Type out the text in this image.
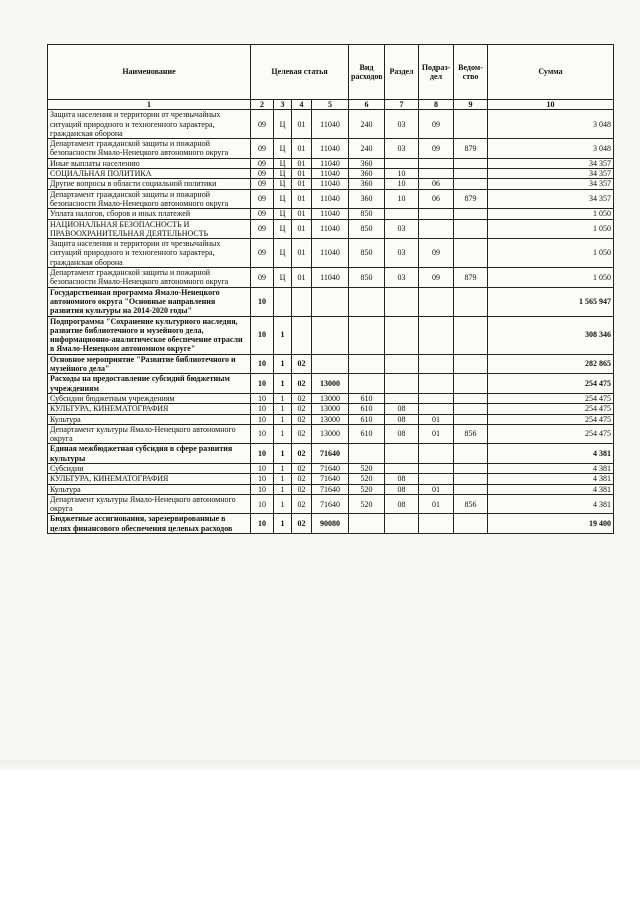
Наименование	Целевая статья				Вид расходов	Раздел	Подраз-дел	Ведом-ство	Сумма
1	2	3	4	5	6	7	8	9	10
Защита населения и территории от чрезвычайных ситуаций природного и техногенного характера, гражданская оборона	09	Ц	01	11040	240	03	09		3 048
Департамент гражданской защиты и пожарной безопасности Ямало-Ненецкого автономного округа	09	Ц	01	11040	240	03	09	879	3 048
Иные выплаты населению	09	Ц	01	11040	360				34 357
СОЦИАЛЬНАЯ ПОЛИТИКА	09	Ц	01	11040	360	10			34 357
Другие вопросы в области социальной политики	09	Ц	01	11040	360	10	06		34 357
Департамент гражданской защиты и пожарной безопасности Ямало-Ненецкого автономного округа	09	Ц	01	11040	360	10	06	879	34 357
Уплата налогов, сборов и иных платежей	09	Ц	01	11040	850				1 050
НАЦИОНАЛЬНАЯ БЕЗОПАСНОСТЬ И ПРАВООХРАНИТЕЛЬНАЯ ДЕЯТЕЛЬНОСТЬ	09	Ц	01	11040	850	03			1 050
Защита населения и территории от чрезвычайных ситуаций природного и техногенного характера, гражданская оборона	09	Ц	01	11040	850	03	09		1 050
Департамент гражданской защиты и пожарной безопасности Ямало-Ненецкого автономного округа	09	Ц	01	11040	850	03	09	879	1 050
Государственная программа Ямало-Ненецкого автономного округа "Основные направления развития культуры на 2014-2020 годы"	10								1 565 947
Подпрограмма "Сохранение культурного наследия, развитие библиотечного и музейного дела, информационно-аналитическое обеспечение отрасли в Ямало-Ненецком автономном округе"	10	1							308 346
Основное мероприятие "Развитие библиотечного и музейного дела"	10	1	02						282 865
Расходы на предоставление субсидий бюджетным учреждениям	10	1	02	13000					254 475
Субсидии бюджетным учреждениям	10	1	02	13000	610				254 475
КУЛЬТУРА, КИНЕМАТОГРАФИЯ	10	1	02	13000	610	08			254 475
Культура	10	1	02	13000	610	08	01		254 475
Департамент культуры Ямало-Ненецкого автономного округа	10	1	02	13000	610	08	01	856	254 475
Единая межбюджетная субсидия в сфере развития культуры	10	1	02	71640					4 381
Субсидии	10	1	02	71640	520				4 381
КУЛЬТУРА, КИНЕМАТОГРАФИЯ	10	1	02	71640	520	08			4 381
Культура	10	1	02	71640	520	08	01		4 381
Департамент культуры Ямало-Ненецкого автономного округа	10	1	02	71640	520	08	01	856	4 381
Бюджетные ассигнования, зарезервированные в целях финансового обеспечения целевых расходов	10	1	02	90080					19 400
